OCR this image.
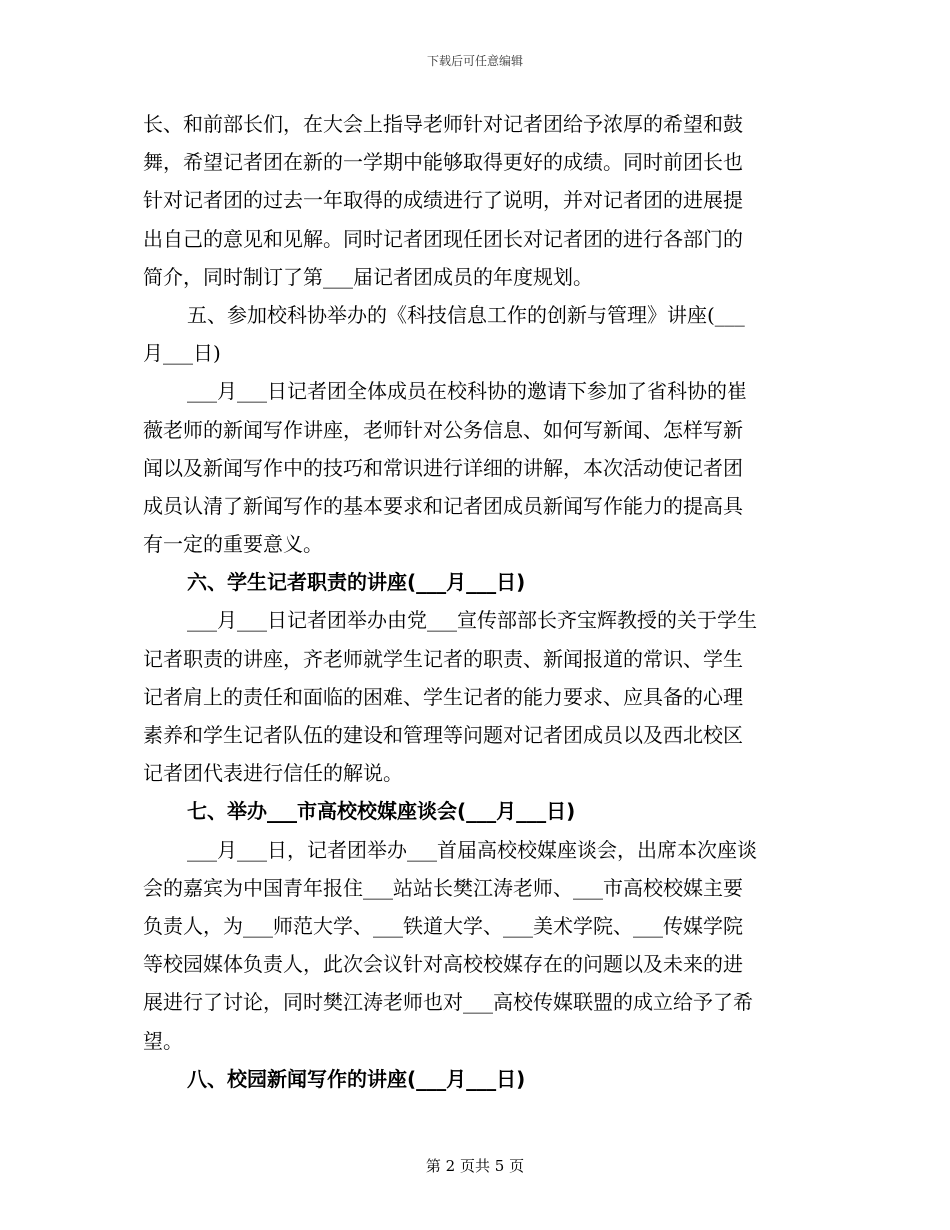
下载后可任意编辑
长、和前部长们，在大会上指导老师针对记者团给予浓厚的希望和鼓
舞，希望记者团在新的一学期中能够取得更好的成绩。同时前团长也
针对记者团的过去一年取得的成绩进行了说明，并对记者团的进展提
出自己的意见和见解。同时记者团现任团长对记者团的进行各部门的
简介，同时制订了第___届记者团成员的年度规划。
五、参加校科协举办的《科技信息工作的创新与管理》讲座(___
月___日)
___月___日记者团全体成员在校科协的邀请下参加了省科协的崔
薇老师的新闻写作讲座，老师针对公务信息、如何写新闻、怎样写新
闻以及新闻写作中的技巧和常识进行详细的讲解，本次活动使记者团
成员认清了新闻写作的基本要求和记者团成员新闻写作能力的提高具
有一定的重要意义。
六、学生记者职责的讲座(___月___日)
___月___日记者团举办由党___宣传部部长齐宝辉教授的关于学生
记者职责的讲座，齐老师就学生记者的职责、新闻报道的常识、学生
记者肩上的责任和面临的困难、学生记者的能力要求、应具备的心理
素养和学生记者队伍的建设和管理等问题对记者团成员以及西北校区
记者团代表进行信任的解说。
七、举办___市高校校媒座谈会(___月___日)
___月___日，记者团举办___首届高校校媒座谈会，出席本次座谈
会的嘉宾为中国青年报住___站站长樊江涛老师、___市高校校媒主要
负责人，为___师范大学、___铁道大学、___美术学院、___传媒学院
等校园媒体负责人，此次会议针对高校校媒存在的问题以及未来的进
展进行了讨论，同时樊江涛老师也对___高校传媒联盟的成立给予了希
望。
八、校园新闻写作的讲座(___月___日)
第 2 页共 5 页
